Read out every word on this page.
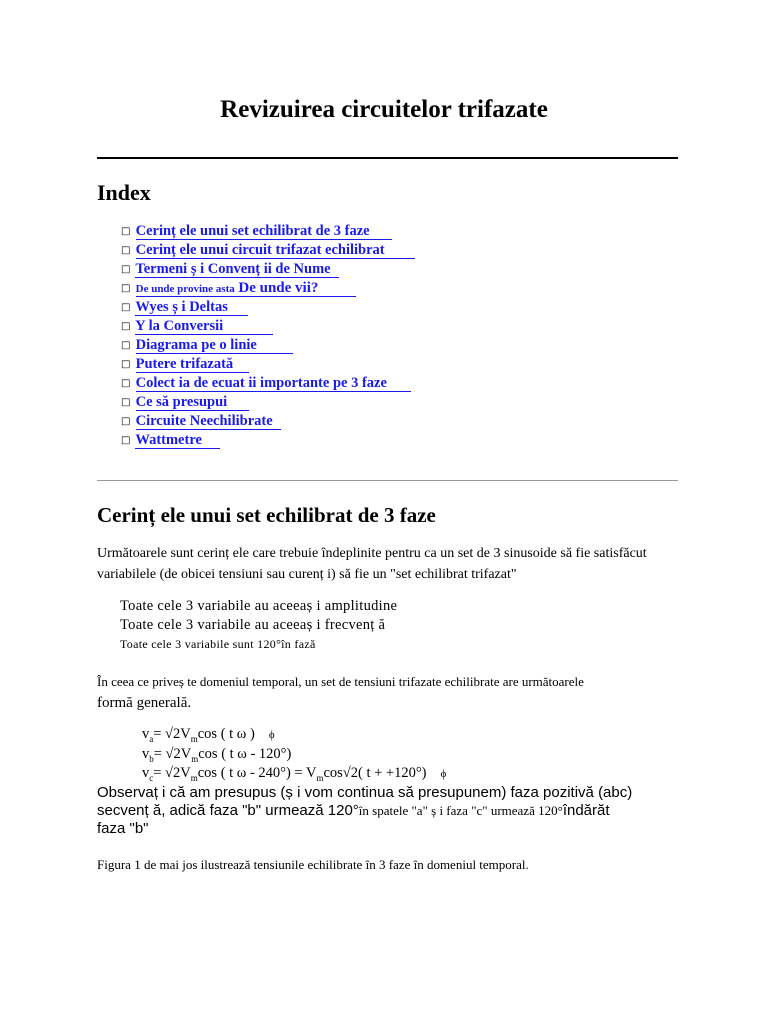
Revizuirea circuitelor trifazate
Index
□ Cerinț ele unui set echilibrat de 3 faze
□ Cerinț ele unui circuit trifazat echilibrat
□ Termeni ș i Convenț ii de Nume
□ De unde provine asta De unde vii?
□ Wyes ș i Deltas
□ Y la Conversii
□ Diagrama pe o linie
□ Putere trifazată
□ Colect ia de ecuat ii importante pe 3 faze
□ Ce să presupui
□ Circuite Neechilibrate
□ Wattmetre
Cerinț ele unui set echilibrat de 3 faze
Următoarele sunt cerinț ele care trebuie îndeplinite pentru ca un set de 3 sinusoide să fie satisfăcut variabilele (de obicei tensiuni sau curenț i) să fie un "set echilibrat trifazat"
Toate cele 3 variabile au aceeaș i amplitudine
Toate cele 3 variabile au aceeaș i frecvenț ă
Toate cele 3 variabile sunt 120°în fază
În ceea ce priveș te domeniul temporal, un set de tensiuni trifazate echilibrate are următoarele
formă generală.
$v_a= √2V_m\cos$ ( t ω ) ϕ
$v_b= √2V_m\cos$ ( t ω - 120°)
$v_c= √2V_m\cos$ ( t $\omega - 240^\circ) = V_m\cos√2$( t + +120°) ϕ
Observaț i că am presupus (ș i vom continua să presupunem) faza pozitivă (abc)
secvenț ă, adică faza "b" urmează 120°în spatele "a" ș i faza "c" urmează 120°îndărăt
faza "b"
Figura 1 de mai jos ilustrează tensiunile echilibrate în 3 faze în domeniul temporal.
